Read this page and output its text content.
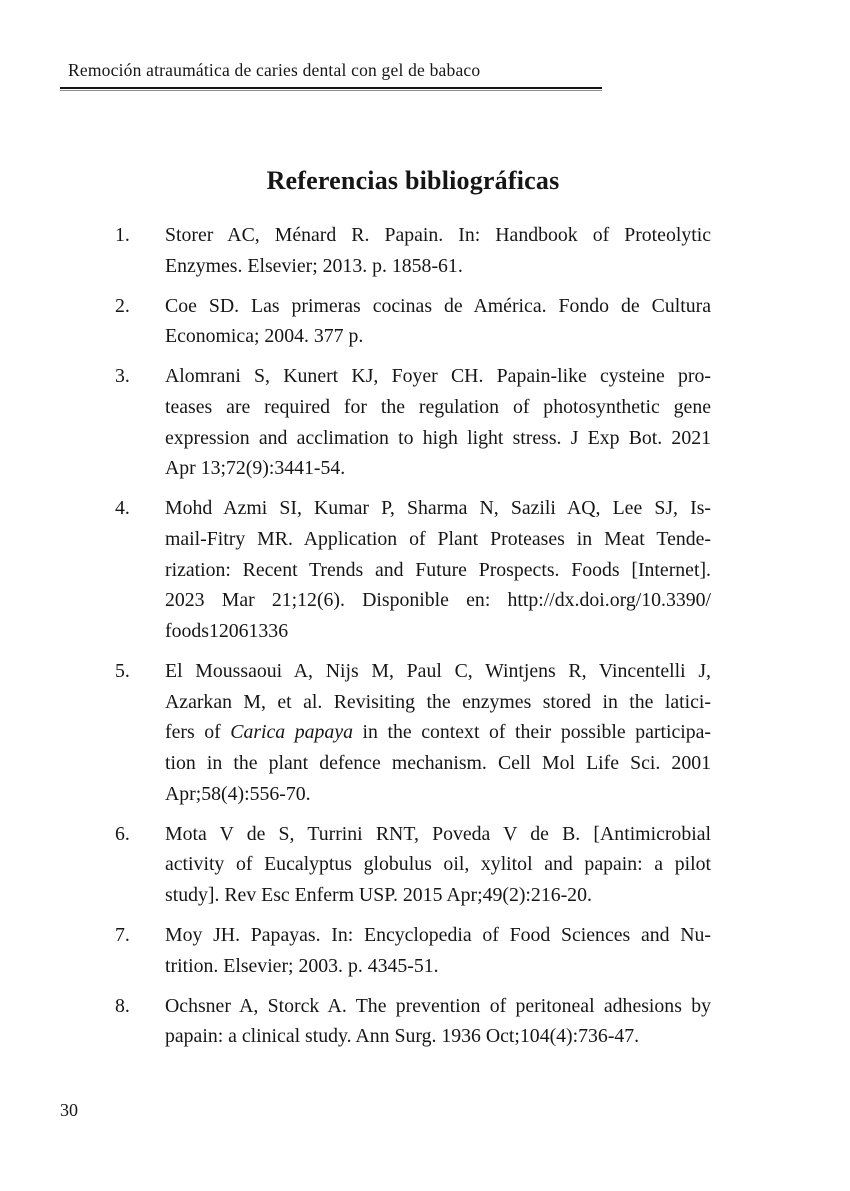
Remoción atraumática de caries dental con gel de babaco
Referencias bibliográficas
1.	Storer AC, Ménard R. Papain. In: Handbook of Proteolytic
Enzymes. Elsevier; 2013. p. 1858-61.
2.	Coe SD. Las primeras cocinas de América. Fondo de Cultura
Economica; 2004. 377 p.
3.	Alomrani S, Kunert KJ, Foyer CH. Papain-like cysteine pro-
teases are required for the regulation of photosynthetic gene
expression and acclimation to high light stress. J Exp Bot. 2021
Apr 13;72(9):3441-54.
4.	Mohd Azmi SI, Kumar P, Sharma N, Sazili AQ, Lee SJ, Is-
mail-Fitry MR. Application of Plant Proteases in Meat Tende-
rization: Recent Trends and Future Prospects. Foods [Internet].
2023 Mar 21;12(6). Disponible en: http://dx.doi.org/10.3390/
foods12061336
5.	El Moussaoui A, Nijs M, Paul C, Wintjens R, Vincentelli J,
Azarkan M, et al. Revisiting the enzymes stored in the latici-
fers of Carica papaya in the context of their possible participa-
tion in the plant defence mechanism. Cell Mol Life Sci. 2001
Apr;58(4):556-70.
6.	Mota V de S, Turrini RNT, Poveda V de B. [Antimicrobial
activity of Eucalyptus globulus oil, xylitol and papain: a pilot
study]. Rev Esc Enferm USP. 2015 Apr;49(2):216-20.
7.	Moy JH. Papayas. In: Encyclopedia of Food Sciences and Nu-
trition. Elsevier; 2003. p. 4345-51.
8.	Ochsner A, Storck A. The prevention of peritoneal adhesions by
papain: a clinical study. Ann Surg. 1936 Oct;104(4):736-47.
30
